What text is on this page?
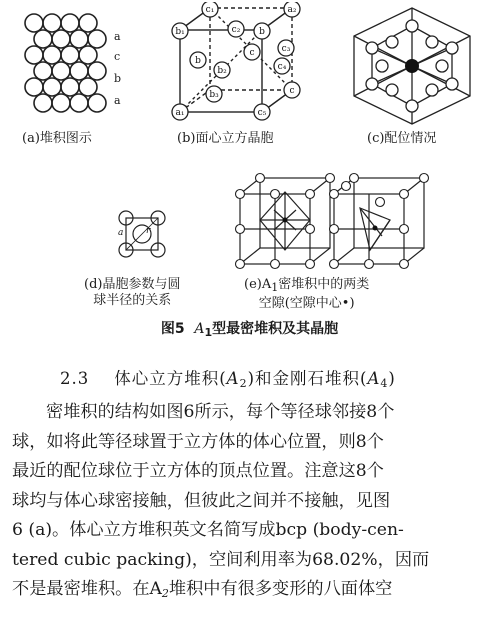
a
c
b
a
c₁	a₂
b₁	b
c₂
c₃
c
b
b₂	c₄
b₃	c
a₁	c₅
(a)堆积图示	(b)面心立方晶胞	(c)配位情况
a	r
(d)晶胞参数与圆
球半径的关系
$(e)A_1$密堆积中的两类
空隙(空隙中心•)
图5 $A_1$型最密堆积及其晶胞
2.3 体心立方堆积$(A_2)$和金刚石堆积$(A_4)$
密堆积的结构如图6所示，每个等径球邻接8个
球，如将此等径球置于立方体的体心位置，则8个
最近的配位球位于立方体的顶点位置。注意这8个
球均与体心球密接触，但彼此之间并不接触，见图
6 (a)。体心立方堆积英文名简写成bcp (body-cen-
tered cubic packing)，空间利用率为68.02%，因而
不是最密堆积。在$A_2$堆积中有很多变形的八面体空
